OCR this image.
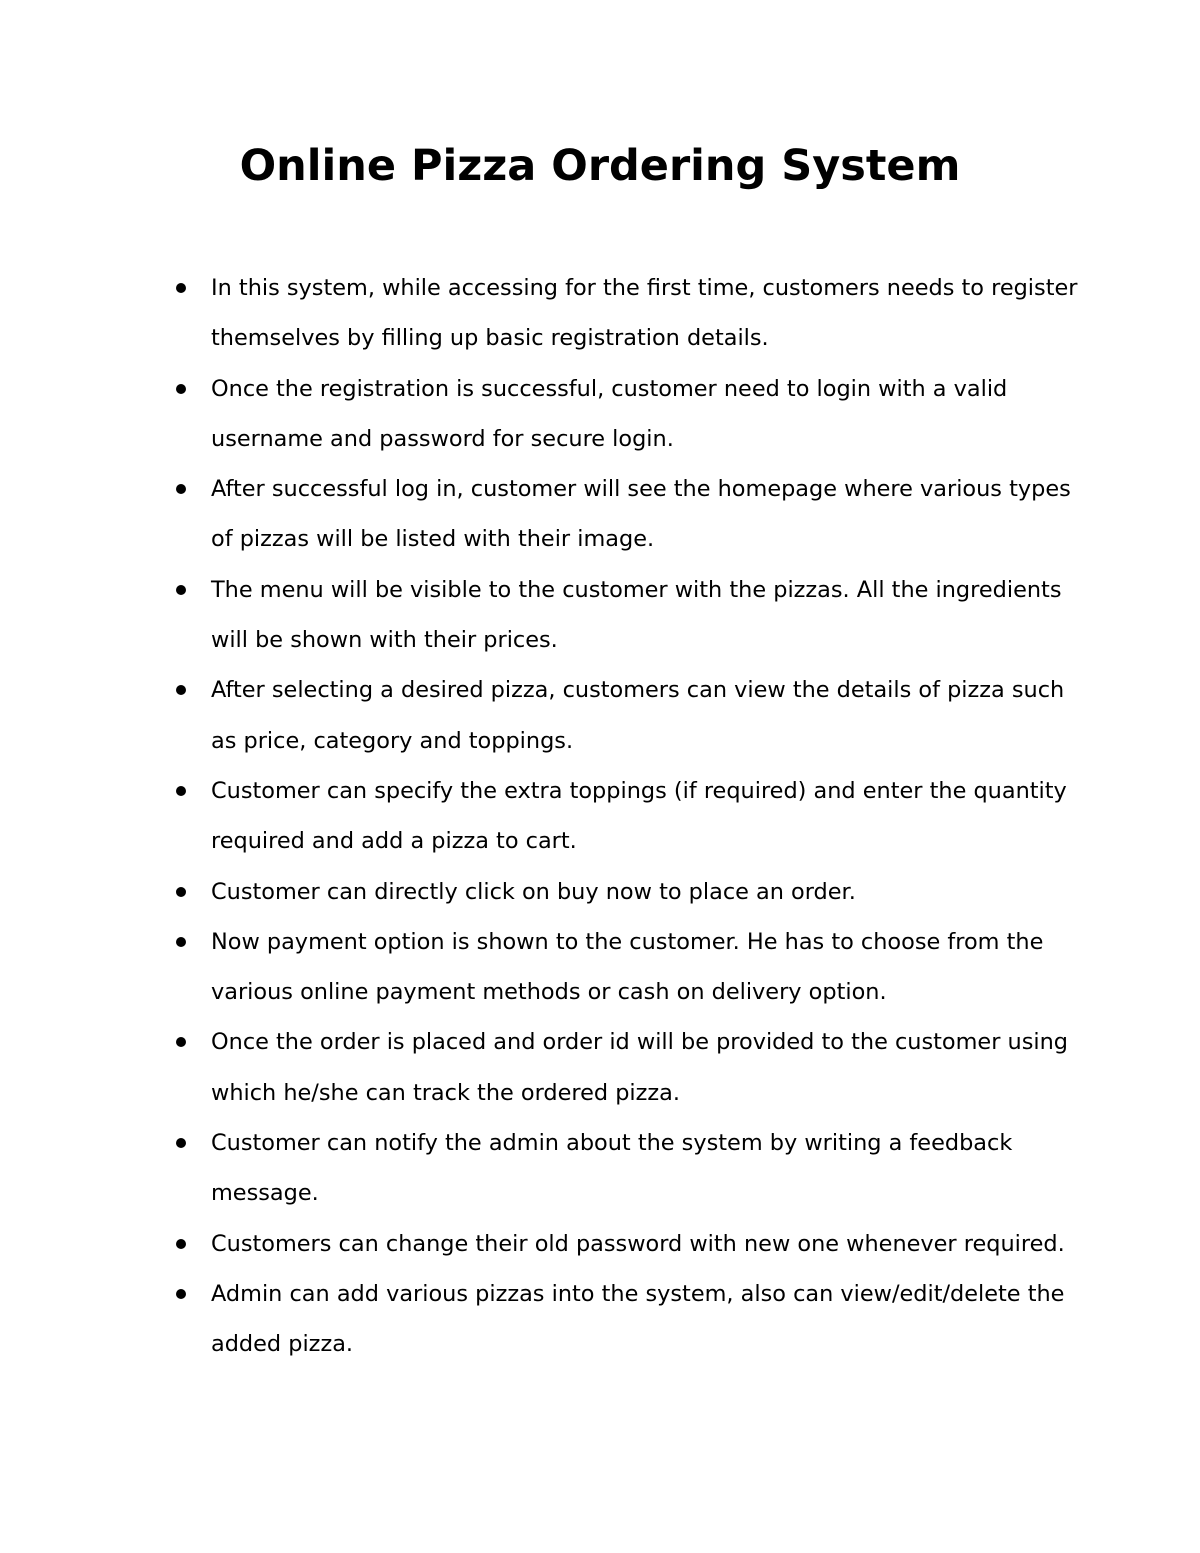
Online Pizza Ordering System
In this system, while accessing for the first time, customers needs to register themselves by filling up basic registration details.
Once the registration is successful, customer need to login with a valid username and password for secure login.
After successful log in, customer will see the homepage where various types of pizzas will be listed with their image.
The menu will be visible to the customer with the pizzas. All the ingredients will be shown with their prices.
After selecting a desired pizza, customers can view the details of pizza such as price, category and toppings.
Customer can specify the extra toppings (if required) and enter the quantity required and add a pizza to cart.
Customer can directly click on buy now to place an order.
Now payment option is shown to the customer. He has to choose from the various online payment methods or cash on delivery option.
Once the order is placed and order id will be provided to the customer using which he/she can track the ordered pizza.
Customer can notify the admin about the system by writing a feedback message.
Customers can change their old password with new one whenever required.
Admin can add various pizzas into the system, also can view/edit/delete the added pizza.
